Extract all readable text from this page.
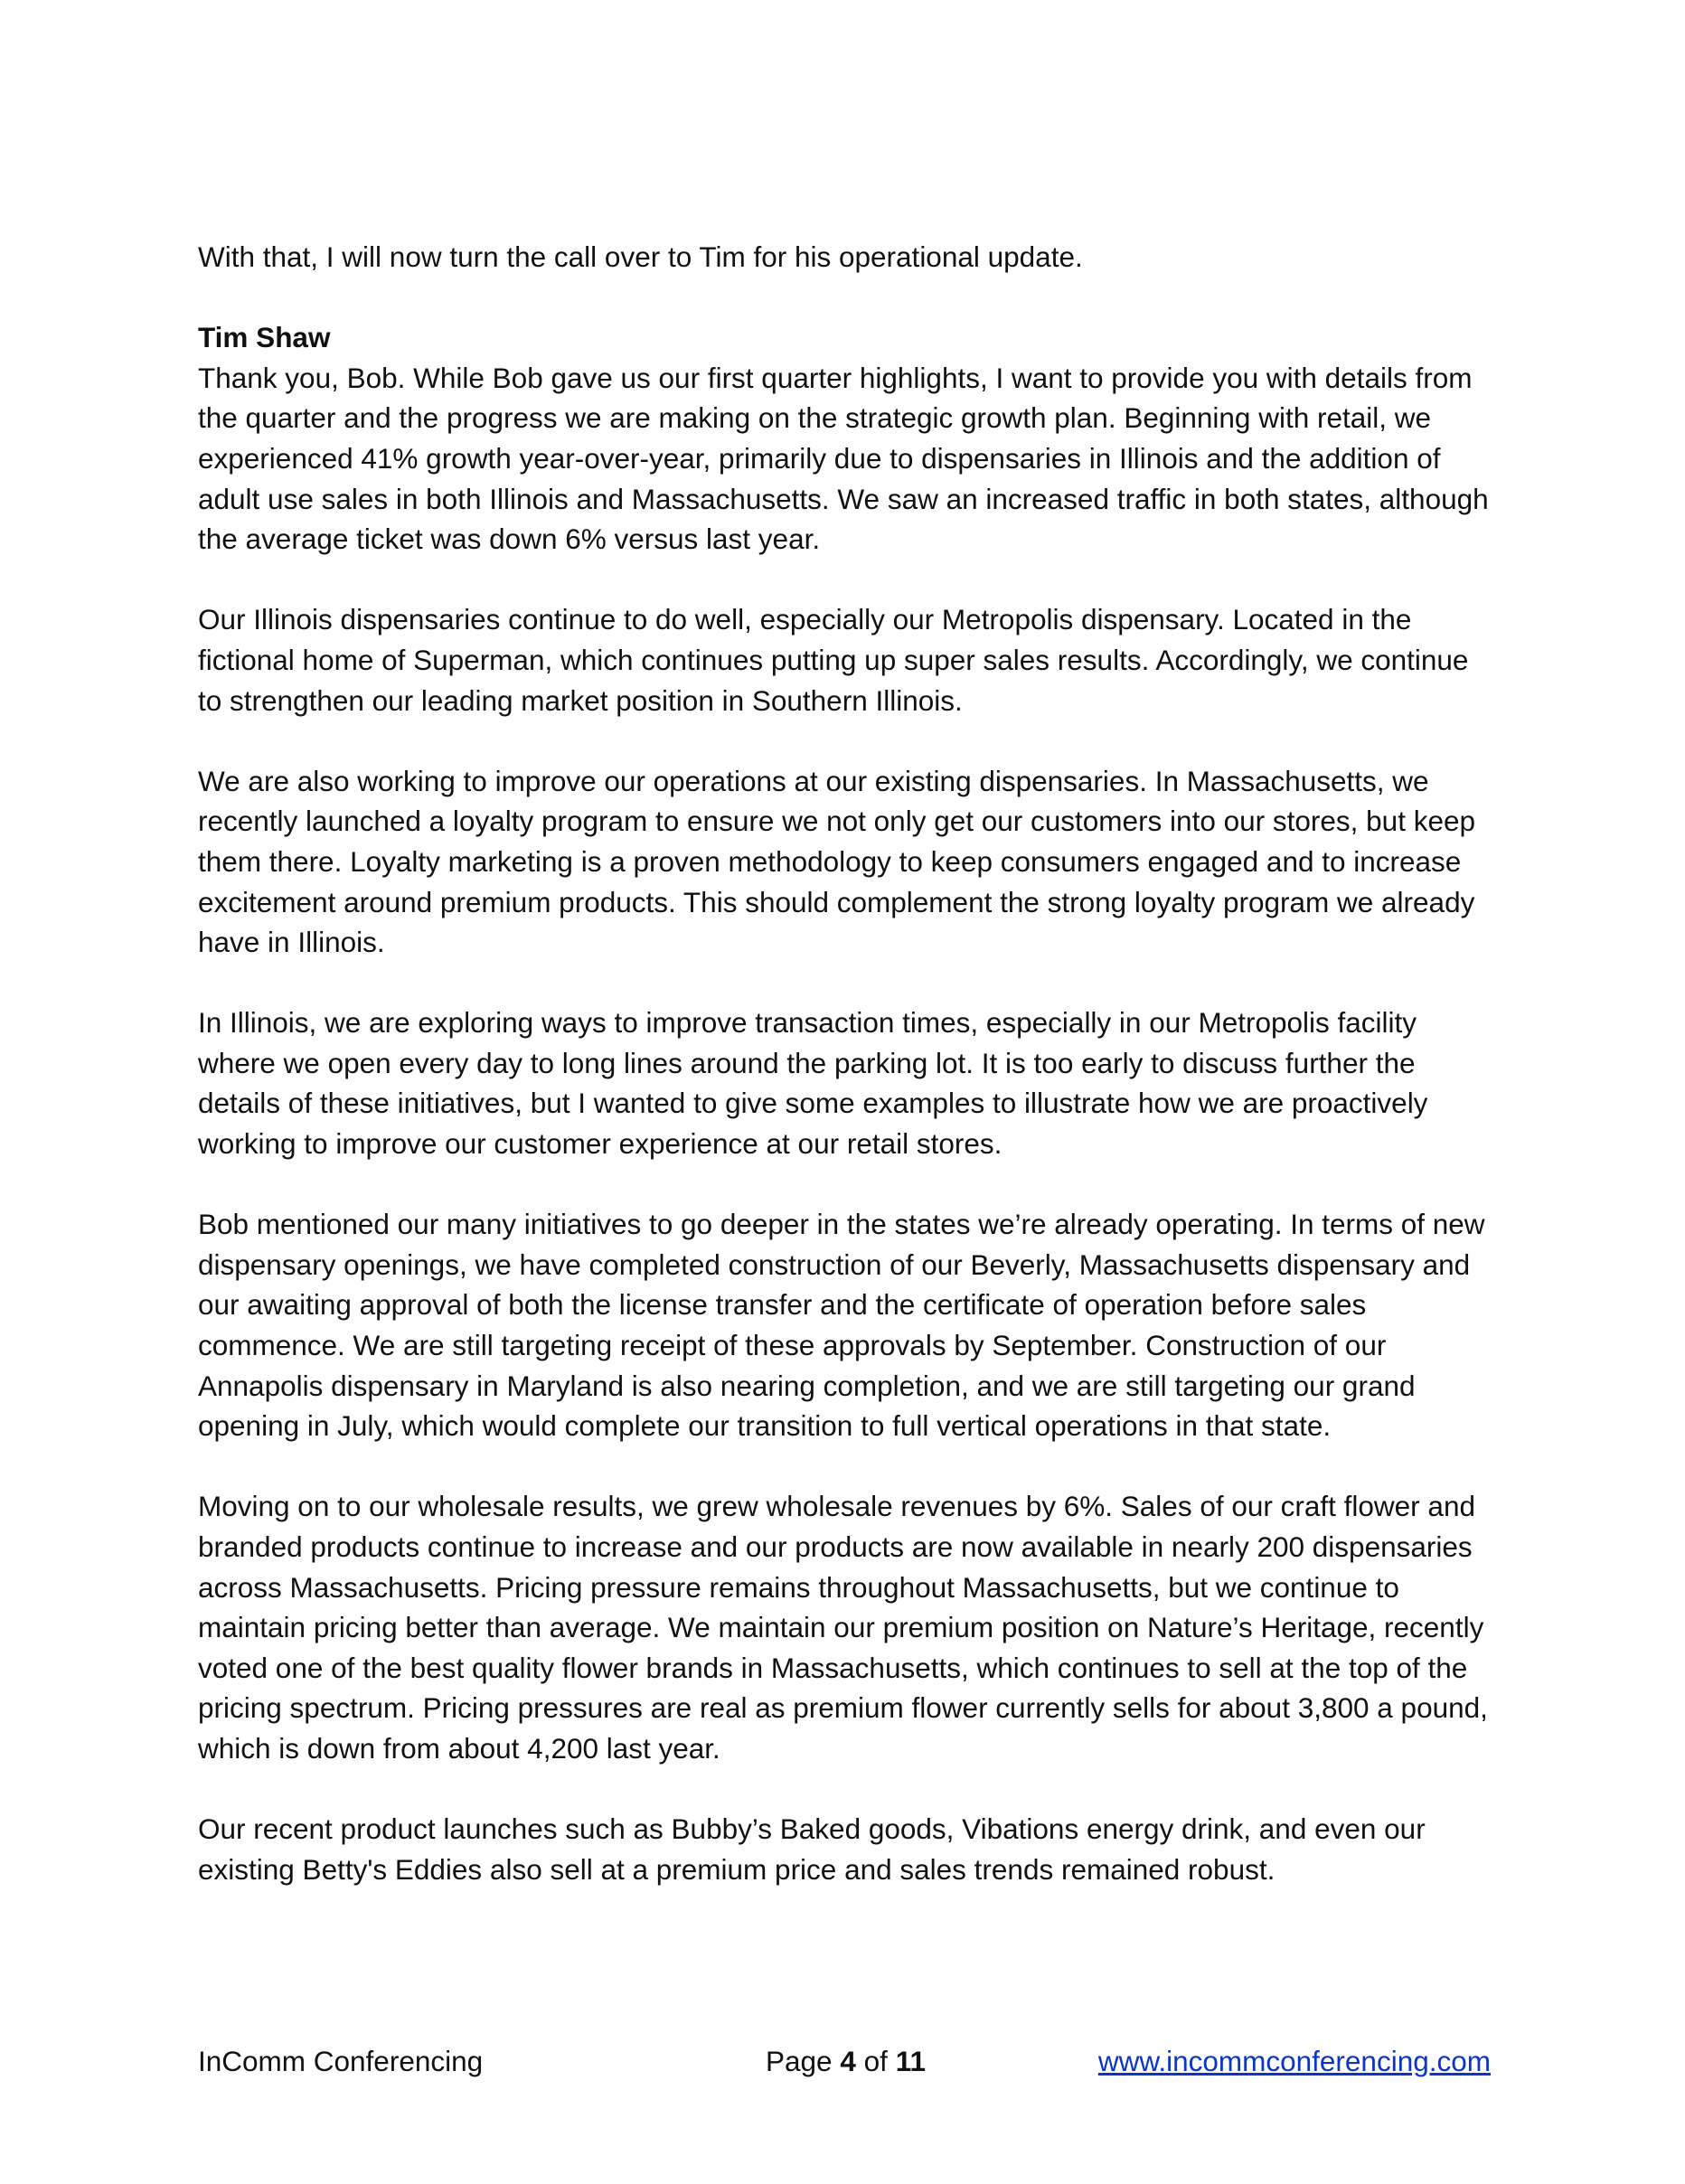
With that, I will now turn the call over to Tim for his operational update.

Tim Shaw

Thank you, Bob. While Bob gave us our first quarter highlights, I want to provide you with details from the quarter and the progress we are making on the strategic growth plan. Beginning with retail, we experienced 41% growth year-over-year, primarily due to dispensaries in Illinois and the addition of adult use sales in both Illinois and Massachusetts. We saw an increased traffic in both states, although the average ticket was down 6% versus last year.

Our Illinois dispensaries continue to do well, especially our Metropolis dispensary. Located in the fictional home of Superman, which continues putting up super sales results. Accordingly, we continue to strengthen our leading market position in Southern Illinois.

We are also working to improve our operations at our existing dispensaries. In Massachusetts, we recently launched a loyalty program to ensure we not only get our customers into our stores, but keep them there. Loyalty marketing is a proven methodology to keep consumers engaged and to increase excitement around premium products. This should complement the strong loyalty program we already have in Illinois.

In Illinois, we are exploring ways to improve transaction times, especially in our Metropolis facility where we open every day to long lines around the parking lot. It is too early to discuss further the details of these initiatives, but I wanted to give some examples to illustrate how we are proactively working to improve our customer experience at our retail stores.

Bob mentioned our many initiatives to go deeper in the states we’re already operating. In terms of new dispensary openings, we have completed construction of our Beverly, Massachusetts dispensary and our awaiting approval of both the license transfer and the certificate of operation before sales commence. We are still targeting receipt of these approvals by September. Construction of our Annapolis dispensary in Maryland is also nearing completion, and we are still targeting our grand opening in July, which would complete our transition to full vertical operations in that state.

Moving on to our wholesale results, we grew wholesale revenues by 6%. Sales of our craft flower and branded products continue to increase and our products are now available in nearly 200 dispensaries across Massachusetts. Pricing pressure remains throughout Massachusetts, but we continue to maintain pricing better than average. We maintain our premium position on Nature’s Heritage, recently voted one of the best quality flower brands in Massachusetts, which continues to sell at the top of the pricing spectrum. Pricing pressures are real as premium flower currently sells for about 3,800 a pound, which is down from about 4,200 last year.

Our recent product launches such as Bubby’s Baked goods, Vibations energy drink, and even our existing Betty's Eddies also sell at a premium price and sales trends remained robust.

InComm Conferencing	Page 4 of 11	www.incommconferencing.com
